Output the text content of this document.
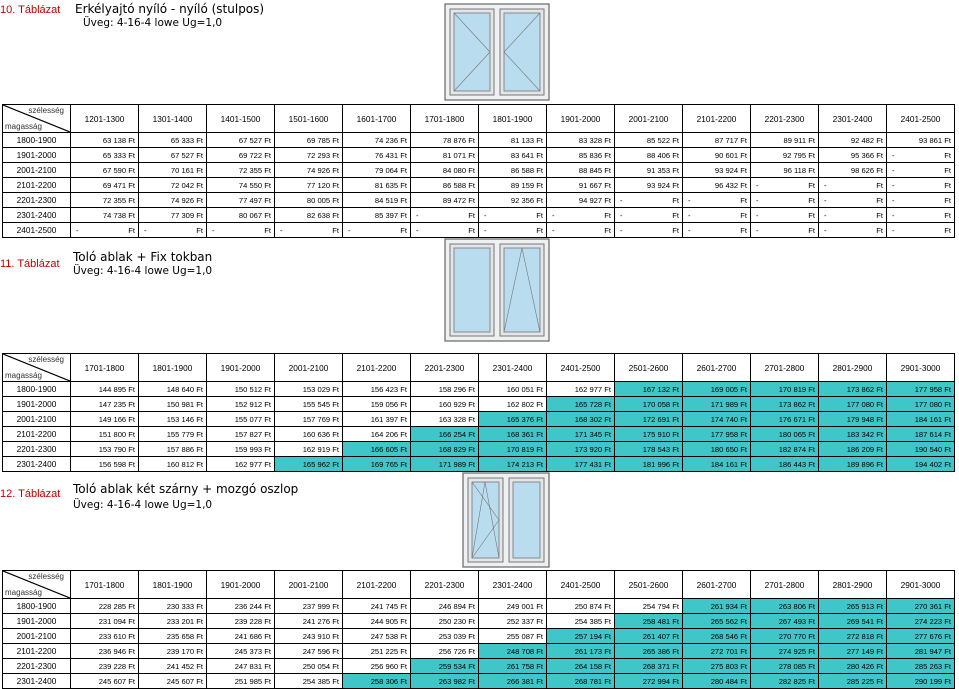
10. Táblázat Erkélyajtó nyíló - nyíló (stulpos)
Üveg: 4-16-4 lowe Ug=1,0
szélesség
magasság	1201-1300	1301-1400	1401-1500	1501-1600	1601-1700	1701-1800	1801-1900	1901-2000	2001-2100	2101-2200	2201-2300	2301-2400	2401-2500
1800-1900	63 138 Ft	65 333 Ft	67 527 Ft	69 785 Ft	74 236 Ft	78 876 Ft	81 133 Ft	83 328 Ft	85 522 Ft	87 717 Ft	89 911 Ft	92 482 Ft	93 861 Ft
1901-2000	65 333 Ft	67 527 Ft	69 722 Ft	72 293 Ft	76 431 Ft	81 071 Ft	83 641 Ft	85 836 Ft	88 406 Ft	90 601 Ft	92 795 Ft	95 366 Ft	- Ft
2001-2100	67 590 Ft	70 161 Ft	72 355 Ft	74 926 Ft	79 064 Ft	84 080 Ft	86 588 Ft	88 845 Ft	91 353 Ft	93 924 Ft	96 118 Ft	98 626 Ft	- Ft
2101-2200	69 471 Ft	72 042 Ft	74 550 Ft	77 120 Ft	81 635 Ft	86 588 Ft	89 159 Ft	91 667 Ft	93 924 Ft	96 432 Ft	- Ft	- Ft	- Ft
2201-2300	72 355 Ft	74 926 Ft	77 497 Ft	80 005 Ft	84 519 Ft	89 472 Ft	92 356 Ft	94 927 Ft	- Ft	- Ft	- Ft	- Ft	- Ft
2301-2400	74 738 Ft	77 309 Ft	80 067 Ft	82 638 Ft	85 397 Ft	- Ft	- Ft	- Ft	- Ft	- Ft	- Ft	- Ft	- Ft
2401-2500	- Ft	- Ft	- Ft	- Ft	- Ft	- Ft	- Ft	- Ft	- Ft	- Ft	- Ft	- Ft	- Ft
11. Táblázat Toló ablak + Fix tokban
Üveg: 4-16-4 lowe Ug=1,0
szélesség
magasság	1701-1800	1801-1900	1901-2000	2001-2100	2101-2200	2201-2300	2301-2400	2401-2500	2501-2600	2601-2700	2701-2800	2801-2900	2901-3000
1800-1900	144 895 Ft	148 640 Ft	150 512 Ft	153 029 Ft	156 423 Ft	158 296 Ft	160 051 Ft	162 977 Ft	167 132 Ft	169 005 Ft	170 819 Ft	173 862 Ft	177 958 Ft
1901-2000	147 235 Ft	150 981 Ft	152 912 Ft	155 545 Ft	159 056 Ft	160 929 Ft	162 802 Ft	165 728 Ft	170 058 Ft	171 989 Ft	173 862 Ft	177 080 Ft	177 080 Ft
2001-2100	149 166 Ft	153 146 Ft	155 077 Ft	157 769 Ft	161 397 Ft	163 328 Ft	165 376 Ft	168 302 Ft	172 691 Ft	174 740 Ft	176 671 Ft	179 948 Ft	184 161 Ft
2101-2200	151 800 Ft	155 779 Ft	157 827 Ft	160 636 Ft	164 206 Ft	166 254 Ft	168 361 Ft	171 345 Ft	175 910 Ft	177 958 Ft	180 065 Ft	183 342 Ft	187 614 Ft
2201-2300	153 790 Ft	157 886 Ft	159 993 Ft	162 919 Ft	166 605 Ft	168 829 Ft	170 819 Ft	173 920 Ft	178 543 Ft	180 650 Ft	182 874 Ft	186 209 Ft	190 540 Ft
2301-2400	156 598 Ft	160 812 Ft	162 977 Ft	165 962 Ft	169 765 Ft	171 989 Ft	174 213 Ft	177 431 Ft	181 996 Ft	184 161 Ft	186 443 Ft	189 896 Ft	194 402 Ft
12. Táblázat Toló ablak két szárny + mozgó oszlop
Üveg: 4-16-4 lowe Ug=1,0
szélesség
magasság	1701-1800	1801-1900	1901-2000	2001-2100	2101-2200	2201-2300	2301-2400	2401-2500	2501-2600	2601-2700	2701-2800	2801-2900	2901-3000
1800-1900	228 285 Ft	230 333 Ft	236 244 Ft	237 999 Ft	241 745 Ft	246 894 Ft	249 001 Ft	250 874 Ft	254 794 Ft	261 934 Ft	263 806 Ft	265 913 Ft	270 361 Ft
1901-2000	231 094 Ft	233 201 Ft	239 228 Ft	241 276 Ft	244 905 Ft	250 230 Ft	252 337 Ft	254 385 Ft	258 481 Ft	265 562 Ft	267 493 Ft	269 541 Ft	274 223 Ft
2001-2100	233 610 Ft	235 658 Ft	241 686 Ft	243 910 Ft	247 538 Ft	253 039 Ft	255 087 Ft	257 194 Ft	261 407 Ft	268 546 Ft	270 770 Ft	272 818 Ft	277 676 Ft
2101-2200	236 946 Ft	239 170 Ft	245 373 Ft	247 596 Ft	251 225 Ft	256 726 Ft	248 708 Ft	261 173 Ft	265 386 Ft	272 701 Ft	274 925 Ft	277 149 Ft	281 947 Ft
2201-2300	239 228 Ft	241 452 Ft	247 831 Ft	250 054 Ft	256 960 Ft	259 534 Ft	261 758 Ft	264 158 Ft	268 371 Ft	275 803 Ft	278 085 Ft	280 426 Ft	285 263 Ft
2301-2400	245 607 Ft	245 607 Ft	251 985 Ft	254 385 Ft	258 306 Ft	263 982 Ft	266 381 Ft	268 781 Ft	272 994 Ft	280 484 Ft	282 825 Ft	285 225 Ft	290 199 Ft
